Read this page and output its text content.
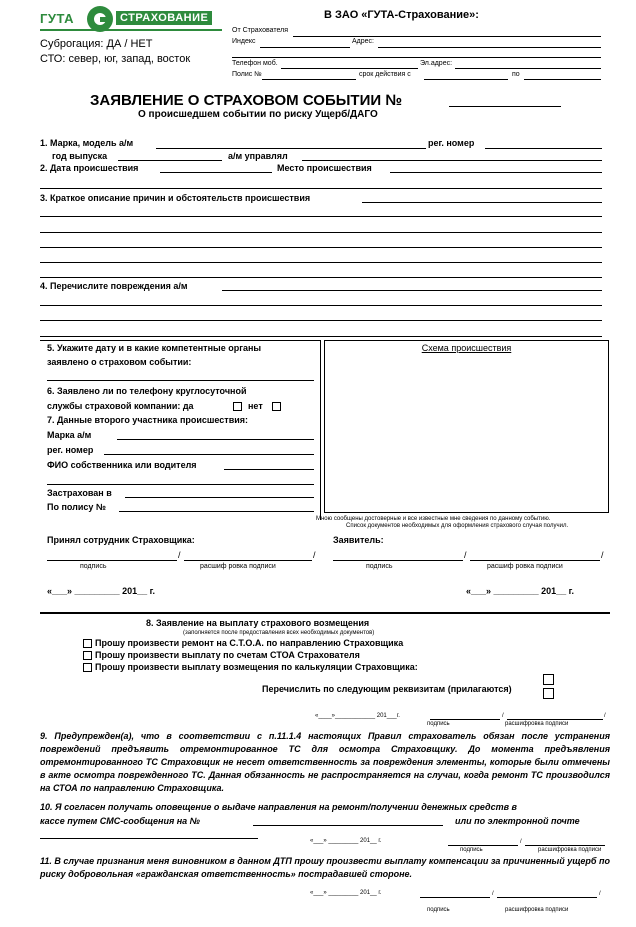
ГУТА	СТРАХОВАНИЕ
Суброгация: ДА / НЕТ
СТО: север, юг, запад, восток
В ЗАО «ГУТА-Страхование»:
От Страхователя
Индекс	Адрес:
Телефон моб.	Эл.адрес:
Полис №	срок действия с	по
ЗАЯВЛЕНИЕ О СТРАХОВОМ СОБЫТИИ №
О происшедшем событии по риску Ущерб/ДАГО
1. Марка, модель а/м	рег. номер
год выпуска	а/м управлял
2. Дата происшествия	Место происшествия
3. Краткое описание причин и обстоятельств происшествия
4. Перечислите повреждения а/м
5. Укажите дату и в какие компетентные органы
заявлено о страховом событии:
6. Заявлено ли по телефону круглосуточной
службы страховой компании: да	нет
7. Данные второго участника происшествия:
Марка а/м
рег. номер
ФИО собственника или водителя
Застрахован в
По полису №
Схема происшествия
Мною сообщены достоверные и все известные мне сведения по данному событию.
Список документов необходимых для оформления страхового случая получил.
Принял сотрудник Страховщика:	Заявитель:
/	/	/	/
подпись	расшиф ровка подписи	подпись	расшиф ровка подписи
«___» _________ 201__ г.	«___» _________ 201__ г.
8. Заявление на выплату страхового возмещения
(заполняется после предоставления всех необходимых документов)
Прошу произвести ремонт на С.Т.О.А. по направлению Страховщика
Прошу произвести выплату по счетам СТОА Страхователя
Прошу произвести выплату возмещения по калькуляции Страховщика:
Перечислить по следующим реквизитам (прилагаются)
«____»____________ 201___г.	/	/
подпись	расшифровка подписи
9. Предупрежден(а), что в соответствии с п.11.1.4 настоящих Правил страхователь обязан после устранения повреждений предъявить отремонтированное ТС для осмотра Страховщику. До момента предъявления отремонтированного ТС Страховщик не несет ответственность за повреждения элементы, которые были отмечены в акте осмотра поврежденного ТС. Данная обязанность не распространяется на случаи, когда ремонт ТС производился на СТОА по направлению Страховщика.
10. Я согласен получать оповещение о выдаче направления на ремонт/получении денежных средств в
кассе путем СМС-сообщения на №	или по электронной почте
«___» _________ 201__ г.	/
подпись	расшифровка подписи
11. В случае признания меня виновником в данном ДТП прошу произвести выплату компенсации за причиненный ущерб по риску добровольная «гражданская ответственность» пострадавшей стороне.
«___» _________ 201__ г.	/	/
подпись	расшифровка подписи
